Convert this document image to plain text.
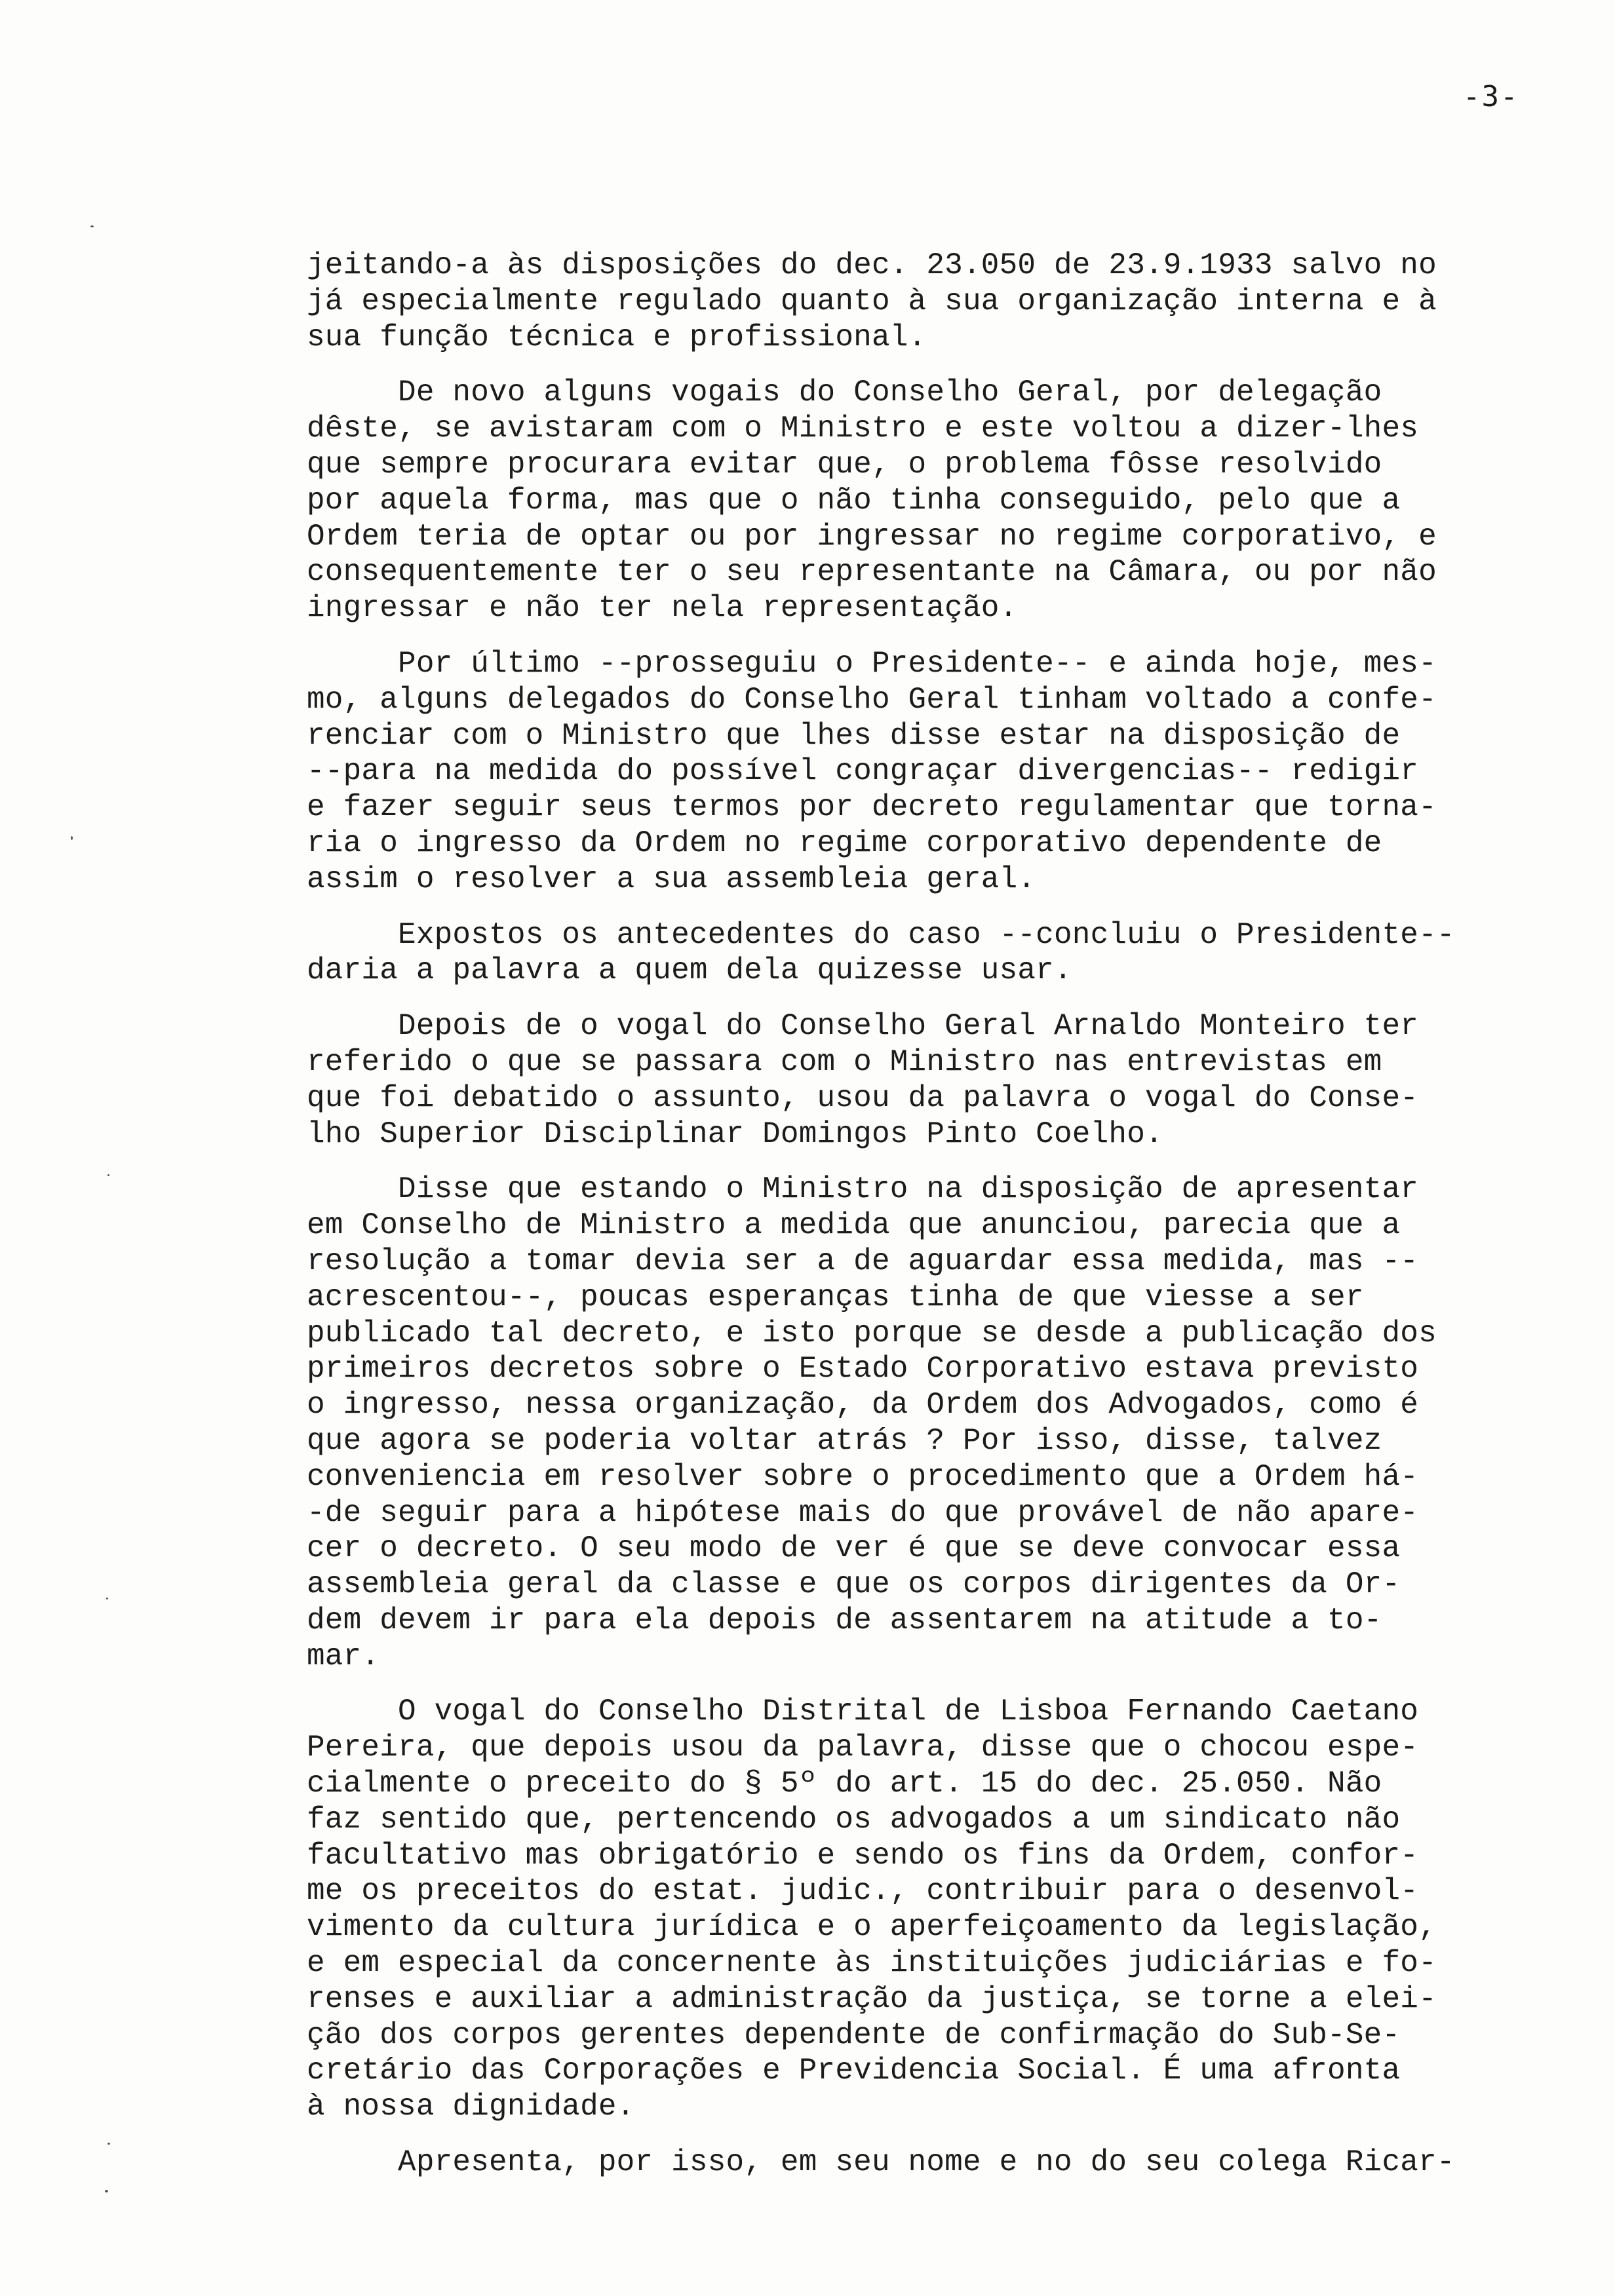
-3-
jeitando-a às disposições do dec. 23.050 de 23.9.1933 salvo no
já especialmente regulado quanto à sua organização interna e à
sua função técnica e profissional.
De novo alguns vogais do Conselho Geral, por delegação
dêste, se avistaram com o Ministro e este voltou a dizer-lhes
que sempre procurara evitar que, o problema fôsse resolvido
por aquela forma, mas que o não tinha conseguido, pelo que a
Ordem teria de optar ou por ingressar no regime corporativo, e
consequentemente ter o seu representante na Câmara, ou por não
ingressar e não ter nela representação.
Por último --prosseguiu o Presidente-- e ainda hoje, mes-
mo, alguns delegados do Conselho Geral tinham voltado a confe-
renciar com o Ministro que lhes disse estar na disposição de
--para na medida do possível congraçar divergencias-- redigir
e fazer seguir seus termos por decreto regulamentar que torna-
ria o ingresso da Ordem no regime corporativo dependente de
assim o resolver a sua assembleia geral.
Expostos os antecedentes do caso --concluiu o Presidente--
daria a palavra a quem dela quizesse usar.
Depois de o vogal do Conselho Geral Arnaldo Monteiro ter
referido o que se passara com o Ministro nas entrevistas em
que foi debatido o assunto, usou da palavra o vogal do Conse-
lho Superior Disciplinar Domingos Pinto Coelho.
Disse que estando o Ministro na disposição de apresentar
em Conselho de Ministro a medida que anunciou, parecia que a
resolução a tomar devia ser a de aguardar essa medida, mas --
acrescentou--, poucas esperanças tinha de que viesse a ser
publicado tal decreto, e isto porque se desde a publicação dos
primeiros decretos sobre o Estado Corporativo estava previsto
o ingresso, nessa organização, da Ordem dos Advogados, como é
que agora se poderia voltar atrás ? Por isso, disse, talvez
conveniencia em resolver sobre o procedimento que a Ordem há-
-de seguir para a hipótese mais do que provável de não apare-
cer o decreto. O seu modo de ver é que se deve convocar essa
assembleia geral da classe e que os corpos dirigentes da Or-
dem devem ir para ela depois de assentarem na atitude a to-
mar.
O vogal do Conselho Distrital de Lisboa Fernando Caetano
Pereira, que depois usou da palavra, disse que o chocou espe-
cialmente o preceito do § 5º do art. 15 do dec. 25.050. Não
faz sentido que, pertencendo os advogados a um sindicato não
facultativo mas obrigatório e sendo os fins da Ordem, confor-
me os preceitos do estat. judic., contribuir para o desenvol-
vimento da cultura jurídica e o aperfeiçoamento da legislação,
e em especial da concernente às instituições judiciárias e fo-
renses e auxiliar a administração da justiça, se torne a elei-
ção dos corpos gerentes dependente de confirmação do Sub-Se-
cretário das Corporações e Previdencia Social. É uma afronta
à nossa dignidade.
Apresenta, por isso, em seu nome e no do seu colega Ricar-
